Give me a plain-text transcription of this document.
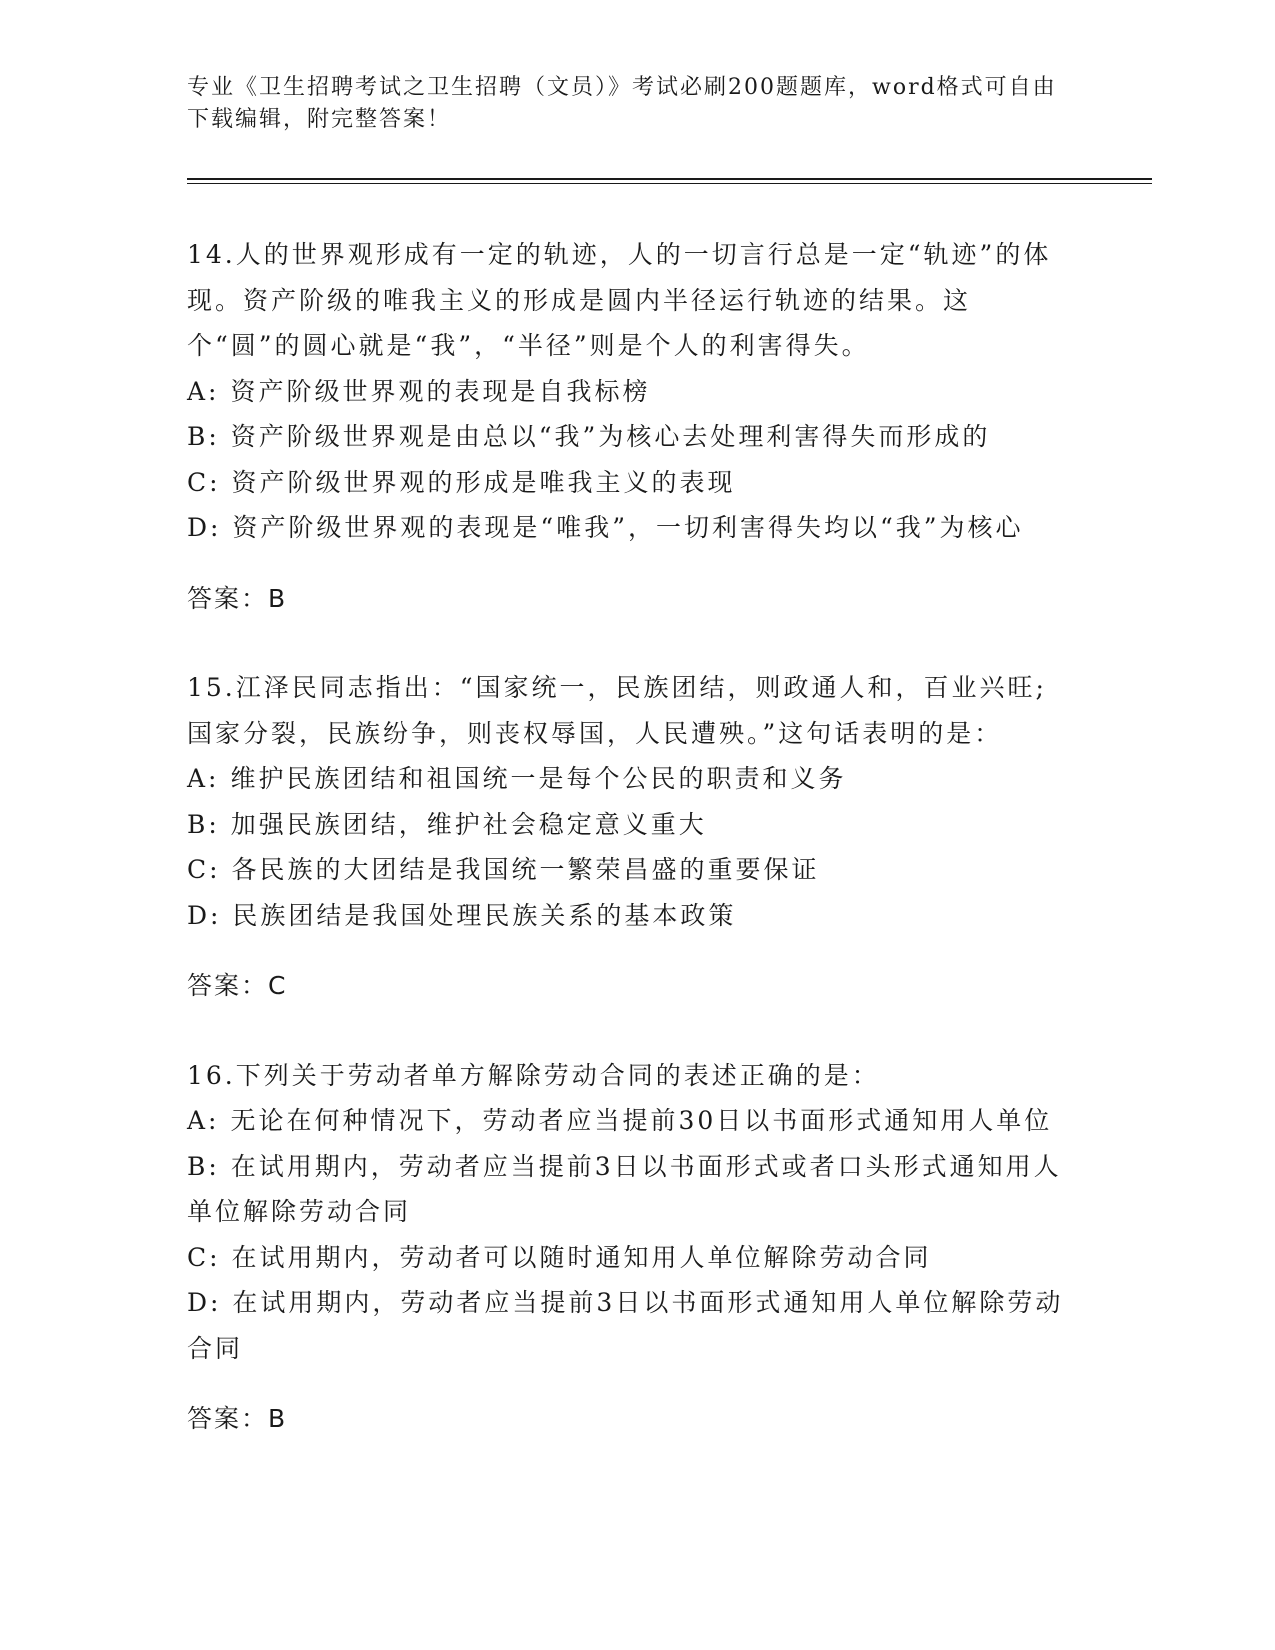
专业《卫生招聘考试之卫生招聘（文员）》考试必刷200题题库，word格式可自由下载编辑，附完整答案！

14.人的世界观形成有一定的轨迹，人的一切言行总是一定“轨迹”的体现。资产阶级的唯我主义的形成是圆内半径运行轨迹的结果。这个“圆”的圆心就是“我”，“半径”则是个人的利害得失。

A: 资产阶级世界观的表现是自我标榜

B: 资产阶级世界观是由总以“我”为核心去处理利害得失而形成的

C: 资产阶级世界观的形成是唯我主义的表现

D: 资产阶级世界观的表现是“唯我”，一切利害得失均以“我”为核心

答案：B

15.江泽民同志指出：“国家统一，民族团结，则政通人和，百业兴旺;国家分裂，民族纷争，则丧权辱国，人民遭殃。”这句话表明的是：

A: 维护民族团结和祖国统一是每个公民的职责和义务

B: 加强民族团结，维护社会稳定意义重大

C: 各民族的大团结是我国统一繁荣昌盛的重要保证

D: 民族团结是我国处理民族关系的基本政策

答案：C

16.下列关于劳动者单方解除劳动合同的表述正确的是：

A: 无论在何种情况下，劳动者应当提前30日以书面形式通知用人单位

B: 在试用期内，劳动者应当提前3日以书面形式或者口头形式通知用人单位解除劳动合同

C: 在试用期内，劳动者可以随时通知用人单位解除劳动合同

D: 在试用期内，劳动者应当提前3日以书面形式通知用人单位解除劳动合同

答案：B
